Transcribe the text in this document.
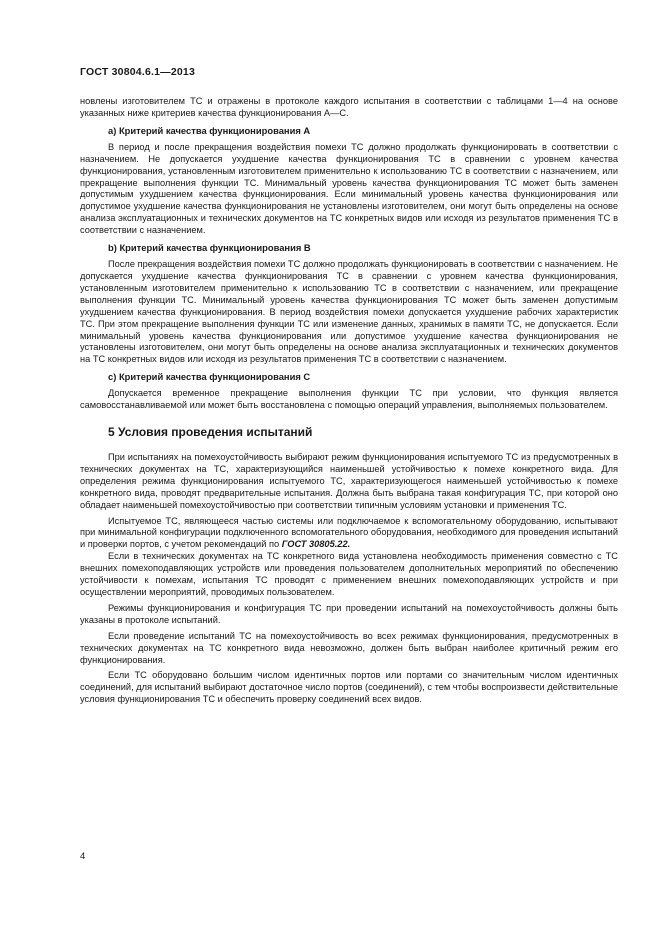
ГОСТ 30804.6.1—2013

новлены изготовителем ТС и отражены в протоколе каждого испытания в соответствии с таблицами 1—4 на основе указанных ниже критериев качества функционирования А—С.

a) Критерий качества функционирования А

В период и после прекращения воздействия помехи ТС должно продолжать функционировать в соответствии с назначением. Не допускается ухудшение качества функционирования ТС в сравнении с уровнем качества функционирования, установленным изготовителем применительно к использованию ТС в соответствии с назначением, или прекращение выполнения функции ТС. Минимальный уровень качества функционирования ТС может быть заменен допустимым ухудшением качества функционирования. Если минимальный уровень качества функционирования или допустимое ухудшение качества функционирования не установлены изготовителем, они могут быть определены на основе анализа эксплуатационных и технических документов на ТС конкретных видов или исходя из результатов применения ТС в соответствии с назначением.

b) Критерий качества функционирования В

После прекращения воздействия помехи ТС должно продолжать функционировать в соответствии с назначением. Не допускается ухудшение качества функционирования ТС в сравнении с уровнем качества функционирования, установленным изготовителем применительно к использованию ТС в соответствии с назначением, или прекращение выполнения функции ТС. Минимальный уровень качества функционирования ТС может быть заменен допустимым ухудшением качества функционирования. В период воздействия помехи допускается ухудшение рабочих характеристик ТС. При этом прекращение выполнения функции ТС или изменение данных, хранимых в памяти ТС, не допускается. Если минимальный уровень качества функционирования или допустимое ухудшение качества функционирования не установлены изготовителем, они могут быть определены на основе анализа эксплуатационных и технических документов на ТС конкретных видов или исходя из результатов применения ТС в соответствии с назначением.

c) Критерий качества функционирования С

Допускается временное прекращение выполнения функции ТС при условии, что функция является самовосстанавливаемой или может быть восстановлена с помощью операций управления, выполняемых пользователем.

5 Условия проведения испытаний

При испытаниях на помехоустойчивость выбирают режим функционирования испытуемого ТС из предусмотренных в технических документах на ТС, характеризующийся наименьшей устойчивостью к помехе конкретного вида. Для определения режима функционирования испытуемого ТС, характеризующегося наименьшей устойчивостью к помехе конкретного вида, проводят предварительные испытания. Должна быть выбрана такая конфигурация ТС, при которой оно обладает наименьшей помехоустойчивостью при соответствии типичным условиям установки и применения ТС.

Испытуемое ТС, являющееся частью системы или подключаемое к вспомогательному оборудованию, испытывают при минимальной конфигурации подключенного вспомогательного оборудования, необходимого для проведения испытаний и проверки портов, с учетом рекомендаций по ГОСТ 30805.22.

Если в технических документах на ТС конкретного вида установлена необходимость применения совместно с ТС внешних помехоподавляющих устройств или проведения пользователем дополнительных мероприятий по обеспечению устойчивости к помехам, испытания ТС проводят с применением внешних помехоподавляющих устройств и при осуществлении мероприятий, проводимых пользователем.

Режимы функционирования и конфигурация ТС при проведении испытаний на помехоустойчивость должны быть указаны в протоколе испытаний.

Если проведение испытаний ТС на помехоустойчивость во всех режимах функционирования, предусмотренных в технических документах на ТС конкретного вида невозможно, должен быть выбран наиболее критичный режим его функционирования.

Если ТС оборудовано большим числом идентичных портов или портами со значительным числом идентичных соединений, для испытаний выбирают достаточное число портов (соединений), с тем чтобы воспроизвести действительные условия функционирования ТС и обеспечить проверку соединений всех видов.

4
